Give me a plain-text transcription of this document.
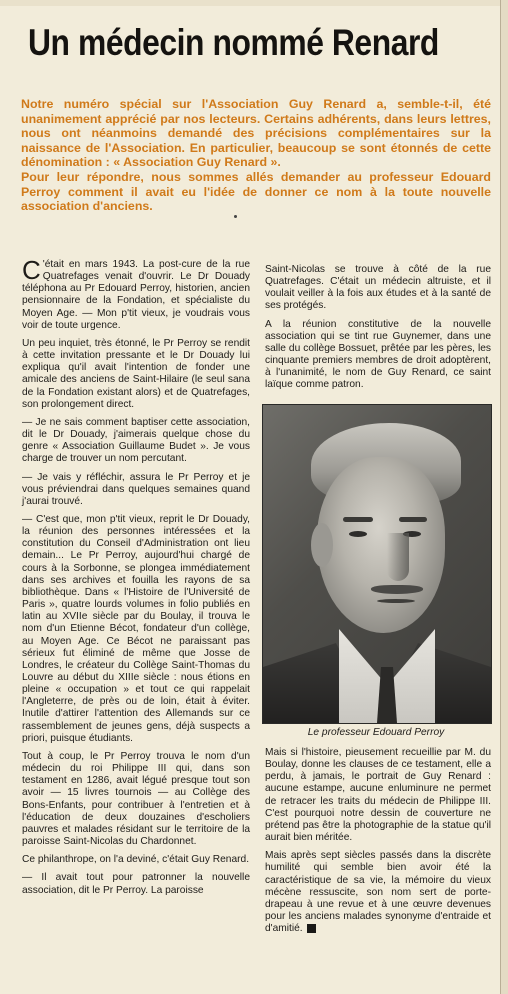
Un médecin nommé Renard

Notre numéro spécial sur l'Association Guy Renard a, semble-t-il, été unanimement apprécié par nos lecteurs. Certains adhérents, dans leurs lettres, nous ont néanmoins demandé des précisions complémentaires sur la naissance de l'Association. En particulier, beaucoup se sont étonnés de cette dénomination : « Association Guy Renard ».

Pour leur répondre, nous sommes allés demander au professeur Edouard Perroy comment il avait eu l'idée de donner ce nom à la toute nouvelle association d'anciens.

C 'était en mars 1943. La post-cure de la rue Quatrefages venait d'ouvrir. Le Dr Douady téléphona au Pr Edouard Perroy, historien, ancien pensionnaire de la Fondation, et spécialiste du Moyen Age. — Mon p'tit vieux, je voudrais vous voir de toute urgence.

Un peu inquiet, très étonné, le Pr Perroy se rendit à cette invitation pressante et le Dr Douady lui expliqua qu'il avait l'intention de fonder une amicale des anciens de Saint-Hilaire (le seul sana de la Fondation existant alors) et de Quatrefages, son prolongement direct.

— Je ne sais comment baptiser cette association, dit le Dr Douady, j'aimerais quelque chose du genre « Association Guillaume Budet ». Je vous charge de trouver un nom percutant.

— Je vais y réfléchir, assura le Pr Perroy et je vous préviendrai dans quelques semaines quand j'aurai trouvé.

— C'est que, mon p'tit vieux, reprit le Dr Douady, la réunion des personnes intéressées et la constitution du Conseil d'Administration ont lieu demain... Le Pr Perroy, aujourd'hui chargé de cours à la Sorbonne, se plongea immédiatement dans ses archives et fouilla les rayons de sa bibliothèque. Dans « l'Histoire de l'Université de Paris », quatre lourds volumes in folio publiés en latin au XVIIe siècle par du Boulay, il trouva le nom d'un Etienne Bécot, fondateur d'un collège, au Moyen Age. Ce Bécot ne paraissant pas sérieux fut éliminé de même que Josse de Londres, le créateur du Collège Saint-Thomas du Louvre au début du XIIIe siècle : nous étions en pleine « occupation » et tout ce qui rappelait l'Angleterre, de près ou de loin, était à éviter. Inutile d'attirer l'attention des Allemands sur ce rassemblement de jeunes gens, déjà suspects a priori, puisque étudiants.

Tout à coup, le Pr Perroy trouva le nom d'un médecin du roi Philippe III qui, dans son testament en 1286, avait légué presque tout son avoir — 15 livres tournois — au Collège des Bons-Enfants, pour contribuer à l'entretien et à l'éducation de deux douzaines d'escholiers pauvres et malades résidant sur le territoire de la paroisse Saint-Nicolas du Chardonnet.

Ce philanthrope, on l'a deviné, c'était Guy Renard.

— Il avait tout pour patronner la nouvelle association, dit le Pr Perroy. La paroisse

Saint-Nicolas se trouve à côté de la rue Quatrefages. C'était un médecin altruiste, et il voulait veiller à la fois aux études et à la santé de ses protégés.

A la réunion constitutive de la nouvelle association qui se tint rue Guynemer, dans une salle du collège Bossuet, prêtée par les pères, les cinquante premiers membres de droit adoptèrent, à l'unanimité, le nom de Guy Renard, ce saint laïque comme patron.

Le professeur Edouard Perroy

Mais si l'histoire, pieusement recueillie par M. du Boulay, donne les clauses de ce testament, elle a perdu, à jamais, le portrait de Guy Renard : aucune estampe, aucune enluminure ne permet de retracer les traits du médecin de Philippe III. C'est pourquoi notre dessin de couverture ne prétend pas être la photographie de la statue qu'il aurait bien méritée.

Mais après sept siècles passés dans la discrète humilité qui semble bien avoir été la caractéristique de sa vie, la mémoire du vieux mécène ressuscite, son nom sert de porte-drapeau à une revue et à une œuvre devenues pour les anciens malades synonyme d'entraide et d'amitié.
